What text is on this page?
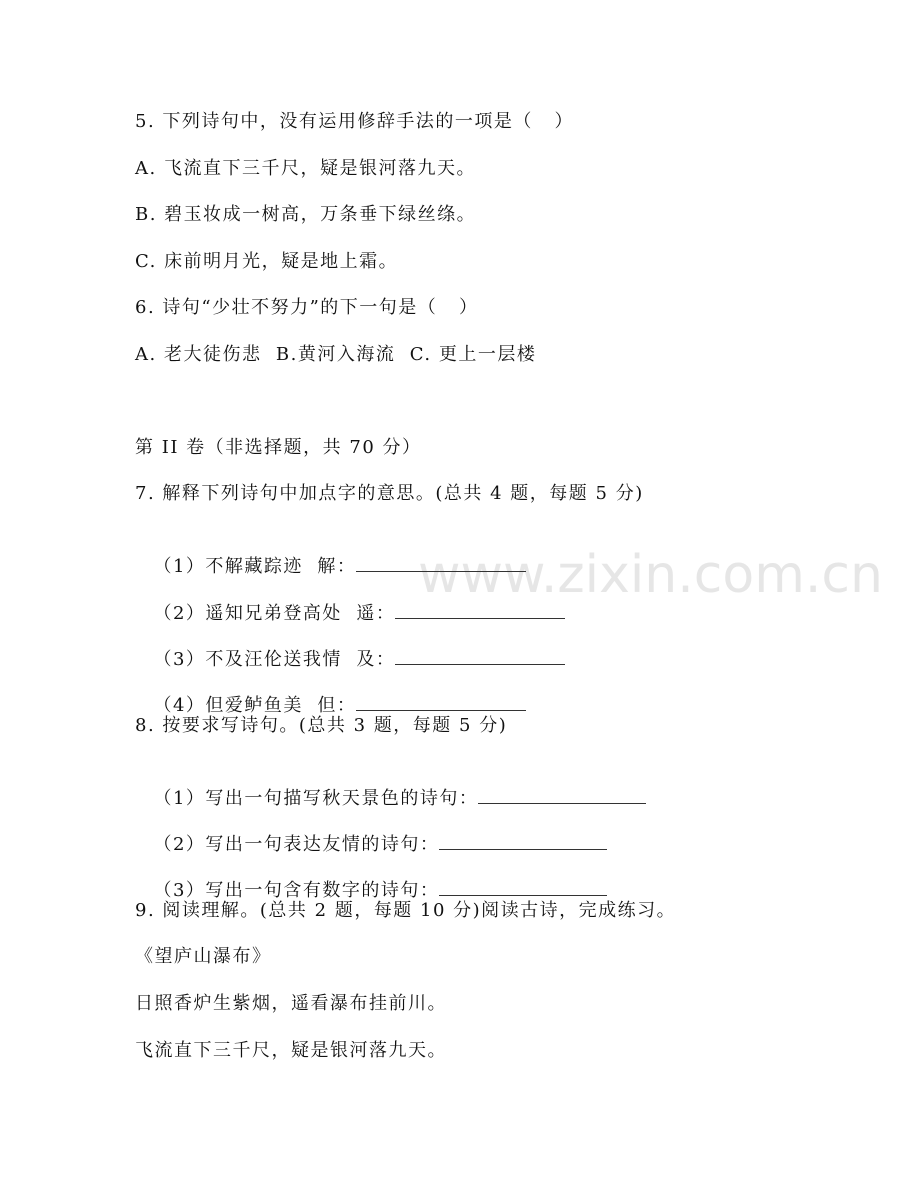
www.zixin.com.cn
5. 下列诗句中，没有运用修辞手法的一项是（   ）
A. 飞流直下三千尺，疑是银河落九天。
B. 碧玉妆成一树高，万条垂下绿丝绦。
C. 床前明月光，疑是地上霜。
6. 诗句“少壮不努力”的下一句是（   ）
A. 老大徒伤悲  B.黄河入海流  C. 更上一层楼
第 II 卷（非选择题，共 70 分）
7. 解释下列诗句中加点字的意思。(总共 4 题，每题 5 分)

（1）不解藏踪迹  解：

（2）遥知兄弟登高处  遥：

（3）不及汪伦送我情  及：

（4）但爱鲈鱼美  但：

8. 按要求写诗句。(总共 3 题，每题 5 分)

（1）写出一句描写秋天景色的诗句：

（2）写出一句表达友情的诗句：

（3）写出一句含有数字的诗句：

9. 阅读理解。(总共 2 题，每题 10 分)阅读古诗，完成练习。
《望庐山瀑布》
日照香炉生紫烟，遥看瀑布挂前川。
飞流直下三千尺，疑是银河落九天。
